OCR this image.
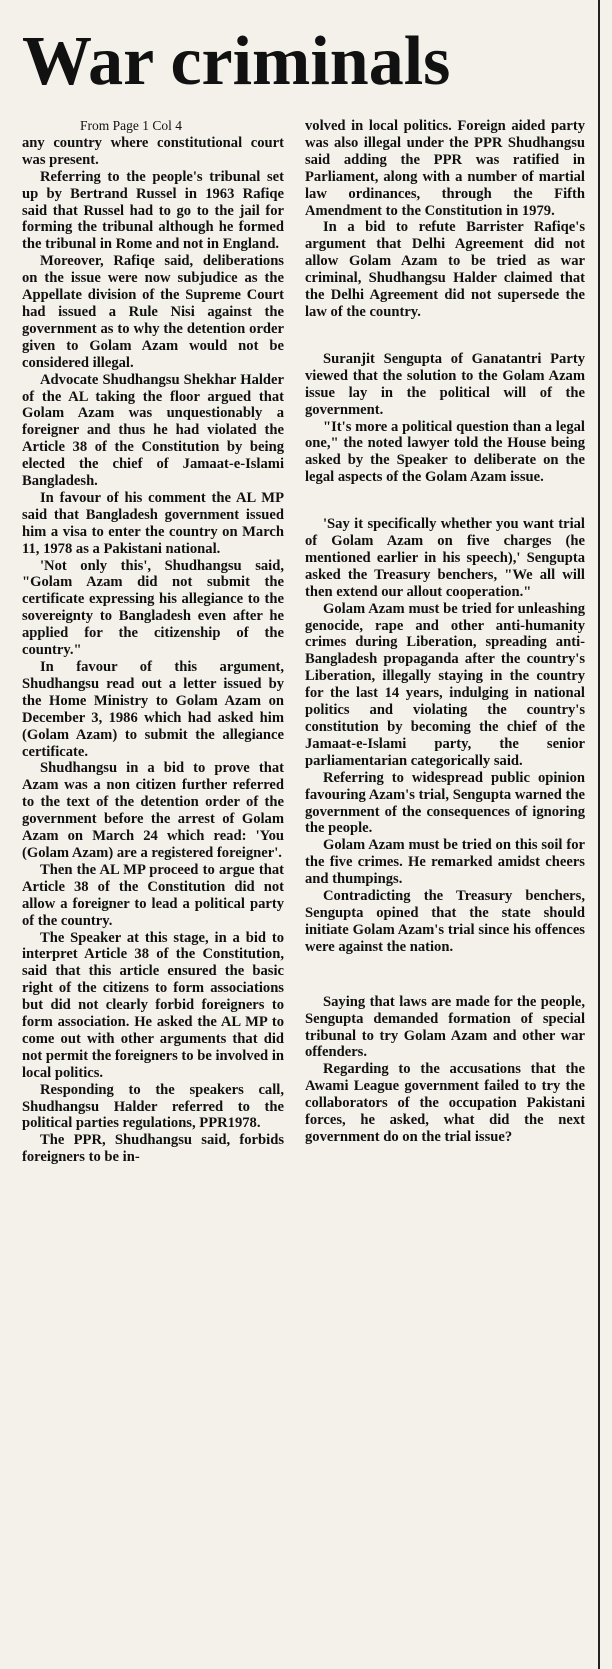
War criminals

From Page 1 Col 4

any country where constitutional court was present.

Referring to the people's tribunal set up by Bertrand Russel in 1963 Rafiqe said that Russel had to go to the jail for forming the tribunal although he formed the tribunal in Rome and not in England.

Moreover, Rafiqe said, deliberations on the issue were now subjudice as the Appellate division of the Supreme Court had issued a Rule Nisi against the government as to why the detention order given to Golam Azam would not be considered illegal.

Advocate Shudhangsu Shekhar Halder of the AL taking the floor argued that Golam Azam was unquestionably a foreigner and thus he had violated the Article 38 of the Constitution by being elected the chief of Jamaat-e-Islami Bangladesh.

In favour of his comment the AL MP said that Bangladesh government issued him a visa to enter the country on March 11, 1978 as a Pakistani national.

'Not only this', Shudhangsu said, "Golam Azam did not submit the certificate expressing his allegiance to the sovereignty to Bangladesh even after he applied for the citizenship of the country."

In favour of this argument, Shudhangsu read out a letter issued by the Home Ministry to Golam Azam on December 3, 1986 which had asked him (Golam Azam) to submit the allegiance certificate.

Shudhangsu in a bid to prove that Azam was a non citizen further referred to the text of the detention order of the government before the arrest of Golam Azam on March 24 which read: 'You (Golam Azam) are a registered foreigner'.

Then the AL MP proceed to argue that Article 38 of the Constitution did not allow a foreigner to lead a political party of the country.

The Speaker at this stage, in a bid to interpret Article 38 of the Constitution, said that this article ensured the basic right of the citizens to form associations but did not clearly forbid foreigners to form association. He asked the AL MP to come out with other arguments that did not permit the foreigners to be involved in local politics.

Responding to the speakers call, Shudhangsu Halder referred to the political parties regulations, PPR1978.

The PPR, Shudhangsu said, forbids foreigners to be in-

volved in local politics. Foreign aided party was also illegal under the PPR Shudhangsu said adding the PPR was ratified in Parliament, along with a number of martial law ordinances, through the Fifth Amendment to the Constitution in 1979.

In a bid to refute Barrister Rafiqe's argument that Delhi Agreement did not allow Golam Azam to be tried as war criminal, Shudhangsu Halder claimed that the Delhi Agreement did not supersede the law of the country.

Suranjit Sengupta of Ganatantri Party viewed that the solution to the Golam Azam issue lay in the political will of the government.

"It's more a political question than a legal one," the noted lawyer told the House being asked by the Speaker to deliberate on the legal aspects of the Golam Azam issue.

'Say it specifically whether you want trial of Golam Azam on five charges (he mentioned earlier in his speech),' Sengupta asked the Treasury benchers, "We all will then extend our allout cooperation."

Golam Azam must be tried for unleashing genocide, rape and other anti-humanity crimes during Liberation, spreading anti-Bangladesh propaganda after the country's Liberation, illegally staying in the country for the last 14 years, indulging in national politics and violating the country's constitution by becoming the chief of the Jamaat-e-Islami party, the senior parliamentarian categorically said.

Referring to widespread public opinion favouring Azam's trial, Sengupta warned the government of the consequences of ignoring the people.

Golam Azam must be tried on this soil for the five crimes. He remarked amidst cheers and thumpings.

Contradicting the Treasury benchers, Sengupta opined that the state should initiate Golam Azam's trial since his offences were against the nation.

Saying that laws are made for the people, Sengupta demanded formation of special tribunal to try Golam Azam and other war offenders.

Regarding to the accusations that the Awami League government failed to try the collaborators of the occupation Pakistani forces, he asked, what did the next government do on the trial issue?
